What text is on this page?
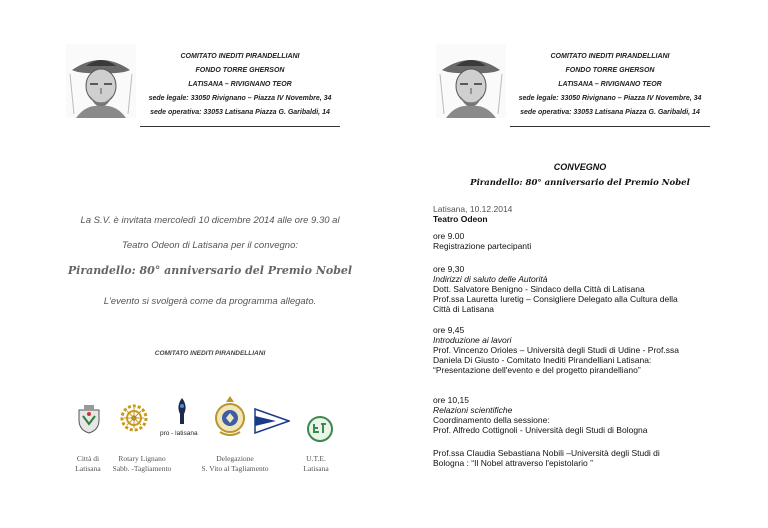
COMITATO INEDITI PIRANDELLIANI
FONDO TORRE GHERSON
LATISANA – RIVIGNANO TEOR
sede legale: 33050 Rivignano – Piazza IV Novembre, 34
sede operativa: 33053 Latisana Piazza G. Garibaldi, 14
COMITATO INEDITI PIRANDELLIANI
FONDO TORRE GHERSON
LATISANA – RIVIGNANO TEOR
sede legale: 33050 Rivignano – Piazza IV Novembre, 34
sede operativa: 33053 Latisana Piazza G. Garibaldi, 14
La S.V. è invitata mercoledì 10 dicembre 2014 alle ore 9.30 al
Teatro Odeon di Latisana per il convegno:
Pirandello: 80° anniversario del Premio Nobel
L'evento si svolgerà come da programma allegato.
COMITATO INEDITI PIRANDELLIANI
pro - latisana
Città di
Latisana
Rotary Lignano
Sabb. -Tagliamento
Delegazione
S. Vito al Tagliamento
U.T.E.
Latisana
CONVEGNO
Pirandello: 80° anniversario del Premio Nobel
Latisana, 10.12.2014
Teatro Odeon
ore 9.00
Registrazione partecipanti
ore 9,30
Indirizzi di saluto delle Autorità
Dott. Salvatore Benigno - Sindaco della Città di Latisana
Prof.ssa Lauretta Iuretig – Consigliere Delegato alla Cultura della
Città di Latisana
ore 9,45
Introduzione ai lavori
Prof. Vincenzo Orioles – Università degli Studi di Udine - Prof.ssa
Daniela Di Giusto - Comitato Inediti Pirandelliani Latisana:
“Presentazione dell'evento e del progetto pirandelliano”
ore 10,15
Relazioni scientifiche
Coordinamento della sessione:
Prof. Alfredo Cottignoli - Università degli Studi di Bologna
Prof.ssa Claudia Sebastiana Nobili –Università degli Studi di
Bologna : “Il Nobel attraverso l'epistolario ”
